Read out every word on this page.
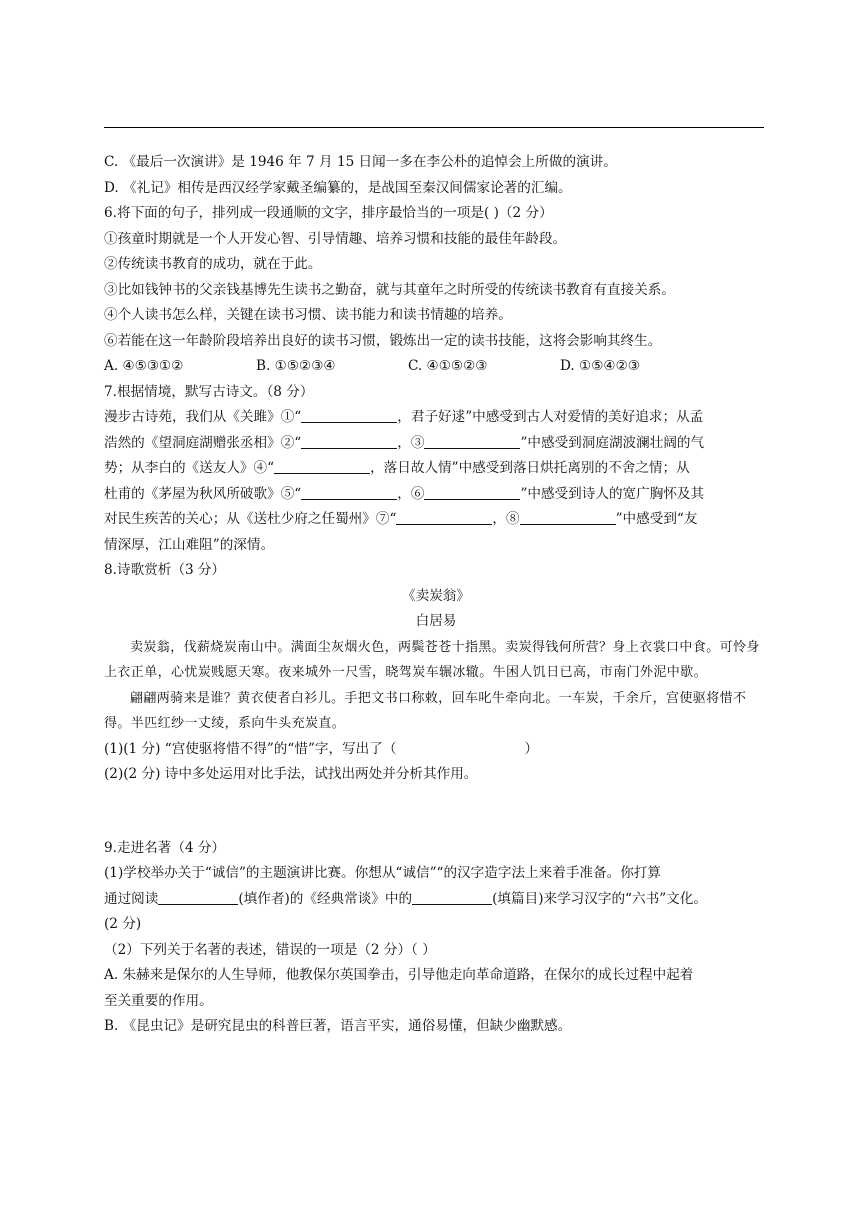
C. 《最后一次演讲》是 1946 年 7 月 15 日闻一多在李公朴的追悼会上所做的演讲。
D. 《礼记》相传是西汉经学家戴圣编纂的，是战国至秦汉间儒家论著的汇编。
6.将下面的句子，排列成一段通顺的文字，排序最恰当的一项是( )（2 分）
①孩童时期就是一个人开发心智、引导情趣、培养习惯和技能的最佳年龄段。
②传统读书教育的成功，就在于此。
③比如钱钟书的父亲钱基博先生读书之勤奋，就与其童年之时所受的传统读书教育有直接关系。
④个人读书怎么样，关键在读书习惯、读书能力和读书情趣的培养。
⑥若能在这一年龄阶段培养出良好的读书习惯，锻炼出一定的读书技能，这将会影响其终生。
A. ④⑤③①②	B. ①⑤②③④	C. ④①⑤②③	D. ①⑤④②③
7.根据情境，默写古诗文。（8 分）
漫步古诗苑，我们从《关雎》①“	，君子好逑”中感受到古人对爱情的美好追求；从孟
浩然的《望洞庭湖赠张丞相》②“	，③	”中感受到洞庭湖波澜壮阔的气
势；从李白的《送友人》④“	，落日故人情”中感受到落日烘托离别的不舍之情；从
杜甫的《茅屋为秋风所破歌》⑤“	，⑥	”中感受到诗人的宽广胸怀及其
对民生疾苦的关心；从《送杜少府之任蜀州》⑦“	，⑧	”中感受到“友
情深厚，江山难阻”的深情。
8.诗歌赏析（3 分）
《卖炭翁》
白居易
卖炭翁，伐薪烧炭南山中。满面尘灰烟火色，两鬓苍苍十指黑。卖炭得钱何所营？身上衣裳口中食。可怜身上衣正单，心忧炭贱愿天寒。夜来城外一尺雪，晓驾炭车辗冰辙。牛困人饥日已高，市南门外泥中歇。
翩翩两骑来是谁？黄衣使者白衫儿。手把文书口称敕，回车叱牛牵向北。一车炭，千余斤，宫使驱将惜不得。半匹红纱一丈绫，系向牛头充炭直。
(1)(1 分) “宫使驱将惜不得”的“惜”字，写出了（	）
(2)(2 分) 诗中多处运用对比手法，试找出两处并分析其作用。
9.走进名著（4 分）
(1)学校举办关于“诚信”的主题演讲比赛。你想从“诚信”“的汉字造字法上来着手准备。你打算
通过阅读	(填作者)的《经典常谈》中的	(填篇目)来学习汉字的“六书”文化。
(2 分)
（2）下列关于名著的表述，错误的一项是（2 分）（ ）
A. 朱赫来是保尔的人生导师，他教保尔英国拳击，引导他走向革命道路，在保尔的成长过程中起着
至关重要的作用。
B. 《昆虫记》是研究昆虫的科普巨著，语言平实，通俗易懂，但缺少幽默感。
